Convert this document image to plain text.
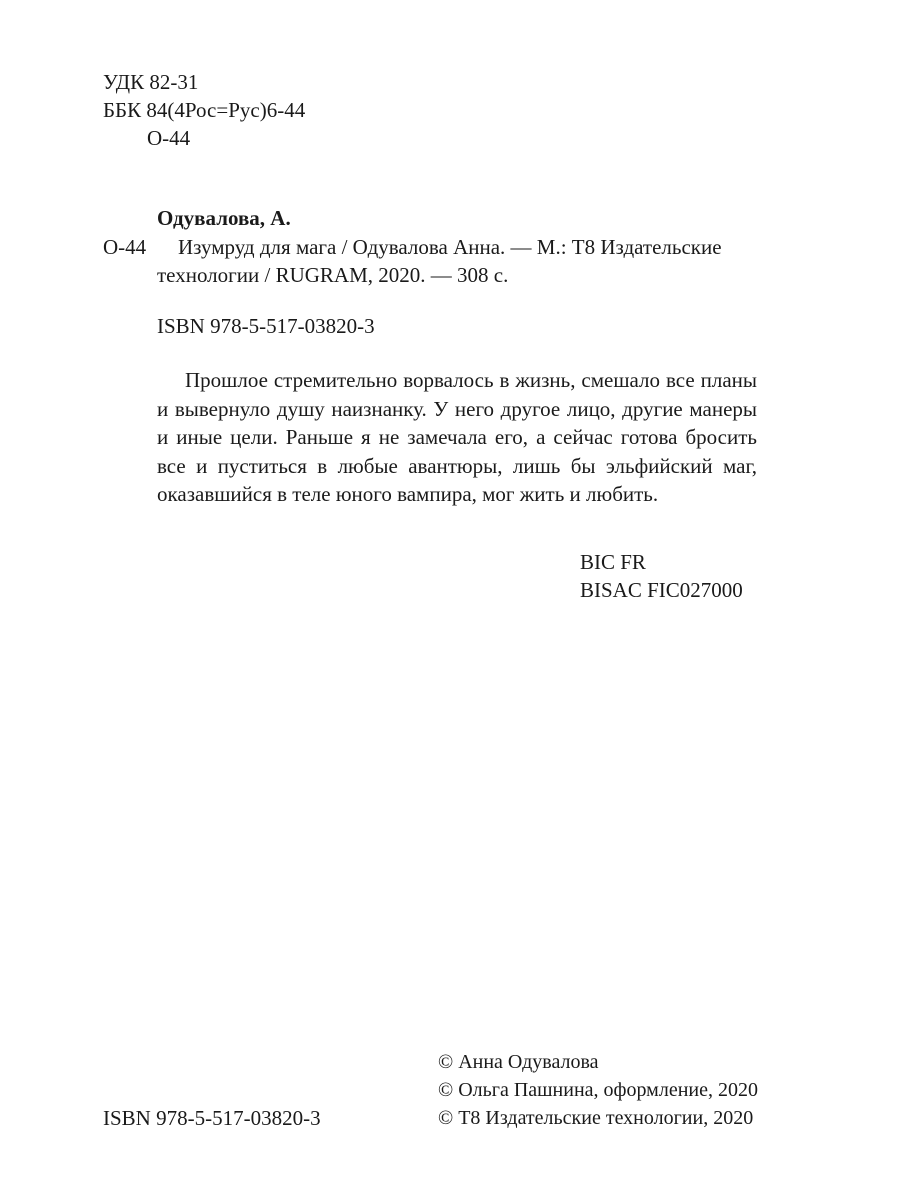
УДК 82-31
ББК 84(4Рос=Рус)6-44
О-44
Одувалова, А.
О-44 Изумруд для мага / Одувалова Анна. — М.: Т8 Издательские
технологии / RUGRAM, 2020. — 308 с.
ISBN 978-5-517-03820-3
Прошлое стремительно ворвалось в жизнь, смешало все планы и вывернуло душу наизнанку. У него другое лицо, другие манеры и иные цели. Раньше я не замечала его, а сейчас готова бросить все и пуститься в любые авантюры, лишь бы эльфийский маг, оказавшийся в теле юного вампира, мог жить и любить.
BIC FR
BISAC FIC027000
ISBN 978-5-517-03820-3
© Анна Одувалова
© Ольга Пашнина, оформление, 2020
© Т8 Издательские технологии, 2020
